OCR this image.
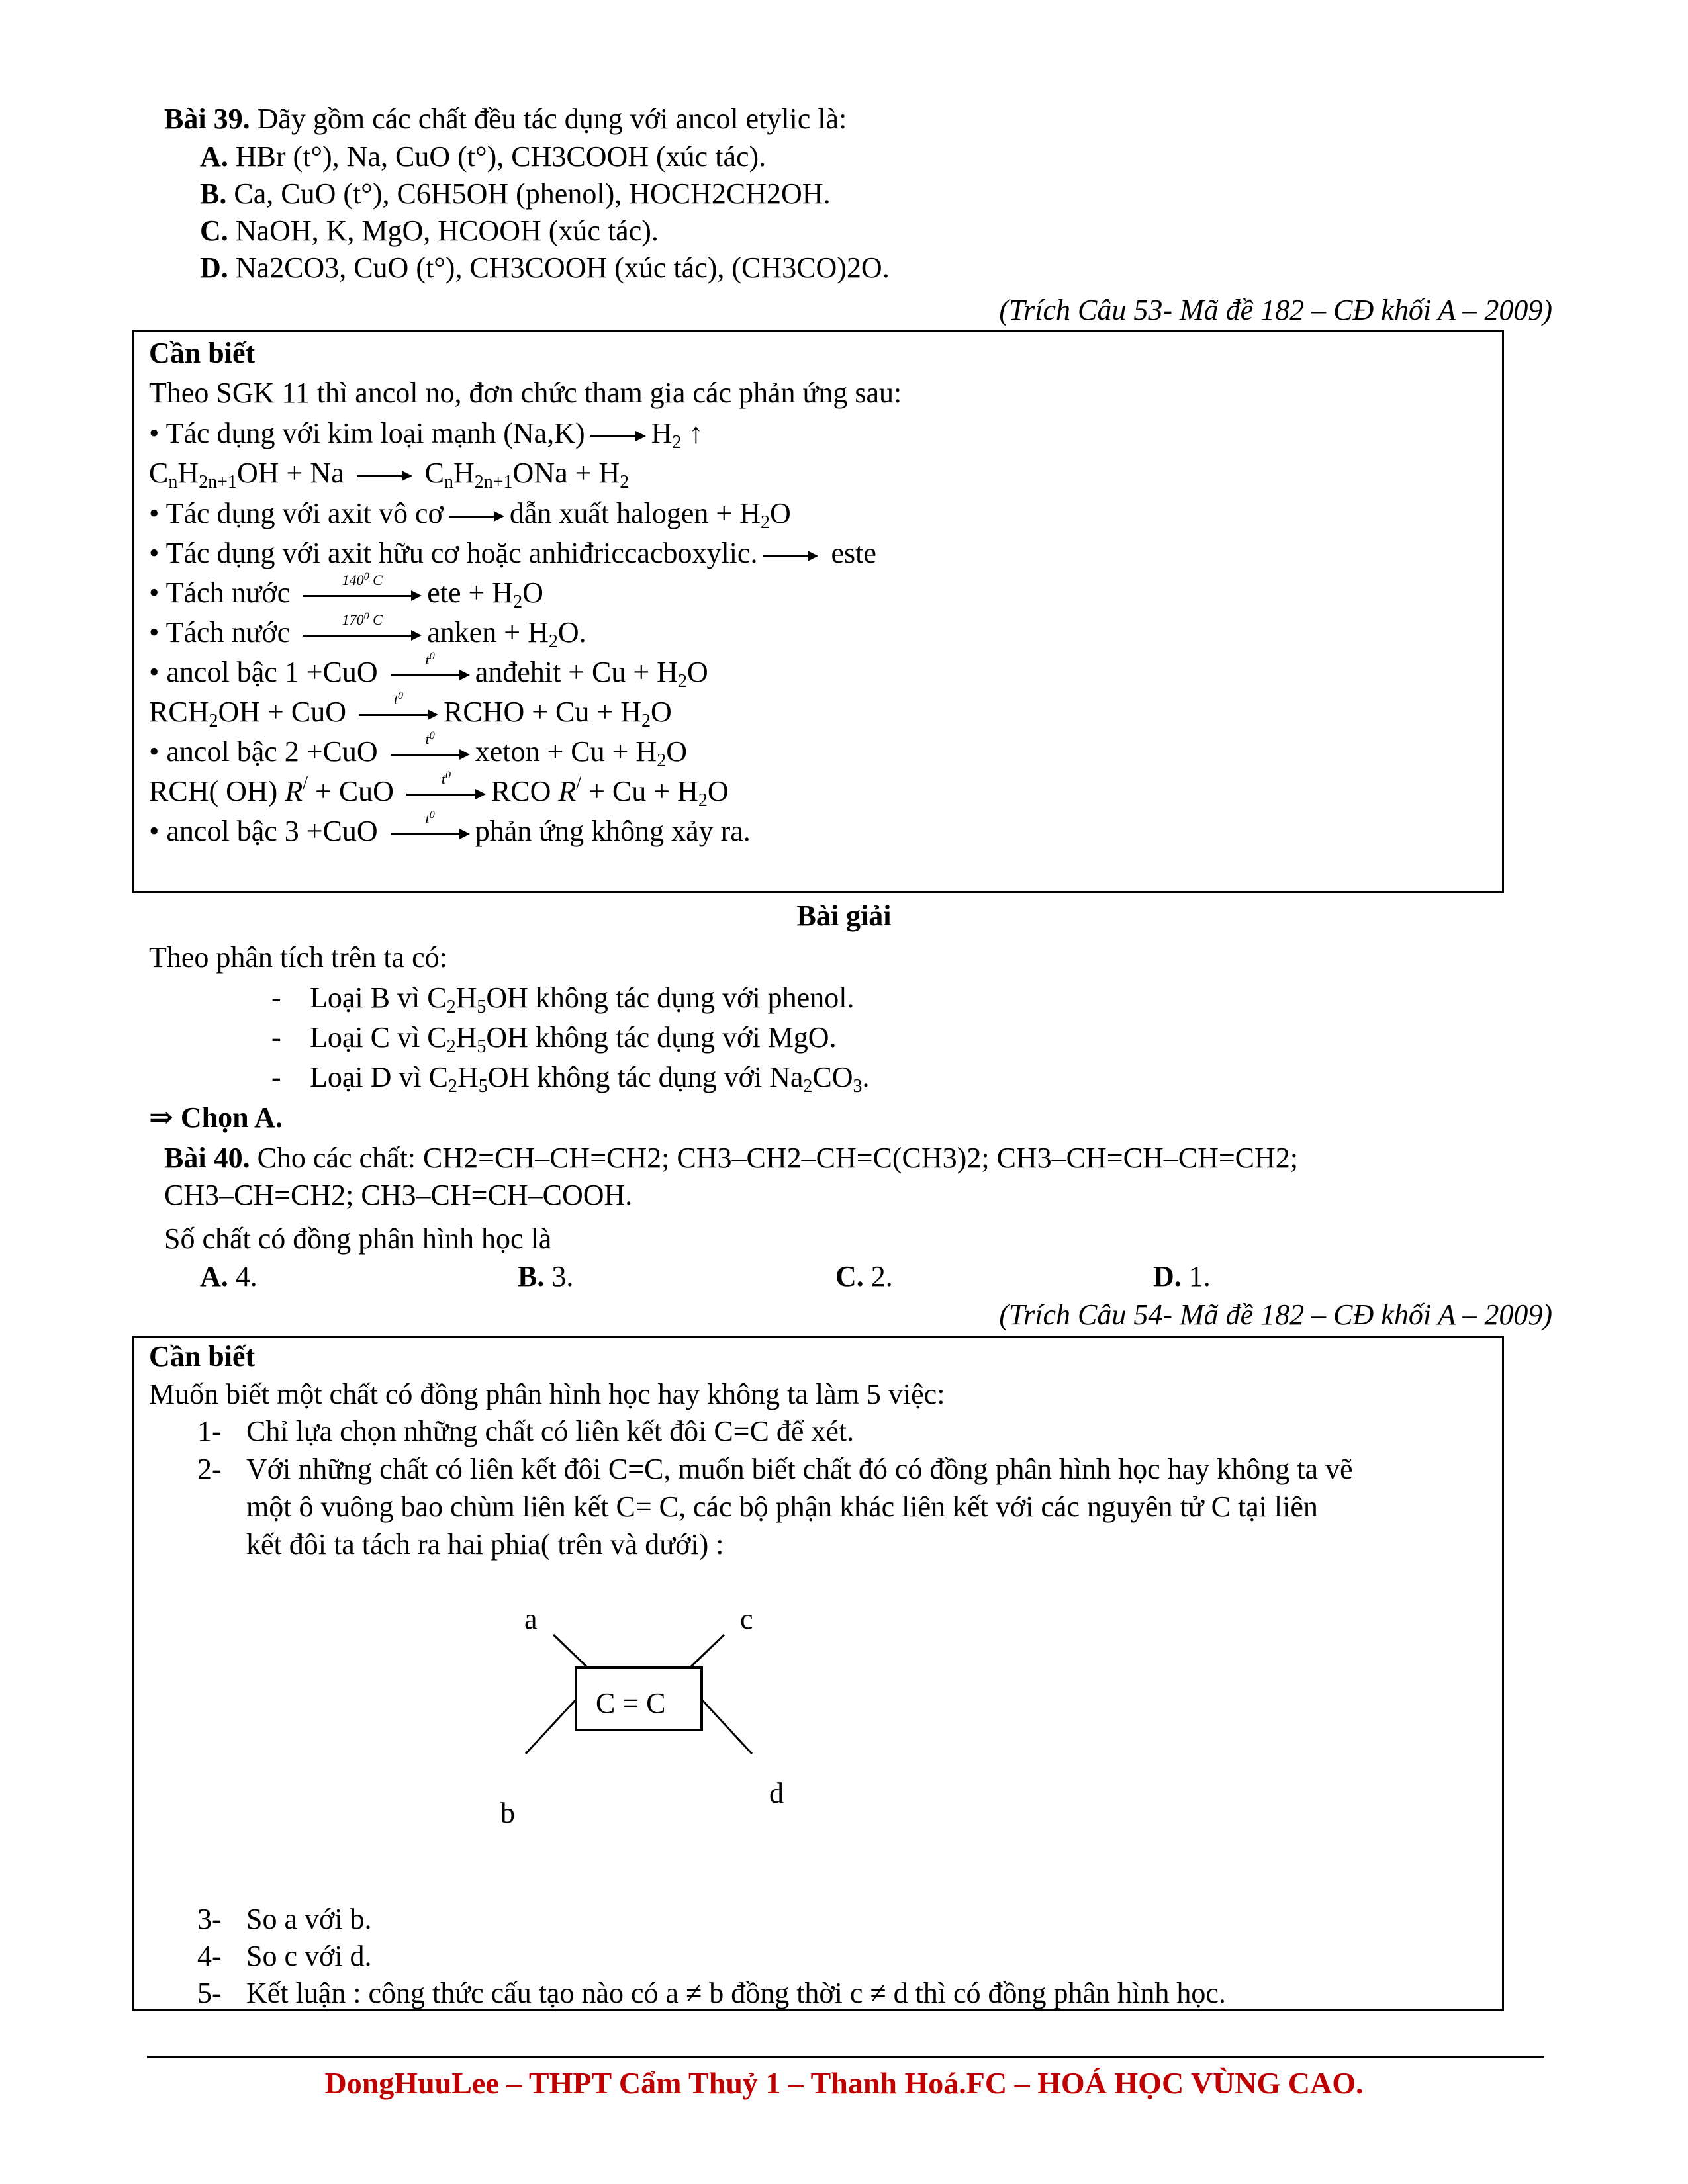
Bài 39. Dãy gồm các chất đều tác dụng với ancol etylic là:
A. HBr (t°), Na, CuO (t°), CH3COOH (xúc tác).
B. Ca, CuO (t°), C6H5OH (phenol), HOCH2CH2OH.
C. NaOH, K, MgO, HCOOH (xúc tác).
D. Na2CO3, CuO (t°), CH3COOH (xúc tác), (CH3CO)2O.
(Trích Câu 53- Mã đề 182 – CĐ khối A – 2009)
Cần biết
Theo SGK 11 thì ancol no, đơn chức tham gia các phản ứng sau:
• Tác dụng với kim loại mạnh (Na,K) $H_2$ ↑
$C_nH_{2n+1}OH + Na$  $C_nH_{2n+1}ONa + H_2$
• Tác dụng với axit vô cơ dẫn xuất halogen + $H_2O$
• Tác dụng với axit hữu cơ hoặc anhiđriccacboxylic. este
• Tách nước	$140^0$ C	ete + $H_2O$
• Tách nước	$170^0$ C	anken + $H_2O$.
• ancol bậc 1 +CuO	$t^0$	anđehit + $Cu + H_2O$
$RCH_2OH$ + CuO	$t^0$	RCHO + $Cu + H_2O$
• ancol bậc 2 +CuO	$t^0$	xeton + $Cu + H_2O$
RCH( OH) R/ + CuO	$t^0$	RCO $R^/ + Cu + H_2O$
• ancol bậc 3 +CuO	$t^0$	phản ứng không xảy ra.
Bài giải
Theo phân tích trên ta có:
- Loại B vì $C_2H_5OH$ không tác dụng với phenol.
- Loại C vì $C_2H_5OH$ không tác dụng với MgO.
- Loại D vì $C_2H_5OH$ không tác dụng với $Na_2CO_3$.
⇒ Chọn A.
Bài 40. Cho các chất: CH2=CH–CH=CH2; CH3–CH2–CH=C(CH3)2; CH3–CH=CH–CH=CH2;
CH3–CH=CH2; CH3–CH=CH–COOH.
Số chất có đồng phân hình học là
A. 4.	B. 3.	C. 2.	D. 1.
(Trích Câu 54- Mã đề 182 – CĐ khối A – 2009)
Cần biết
Muốn biết một chất có đồng phân hình học hay không ta làm 5 việc:
1- Chỉ lựa chọn những chất có liên kết đôi C=C để xét.
2- Với những chất có liên kết đôi C=C, muốn biết chất đó có đồng phân hình học hay không ta vẽ
một ô vuông bao chùm liên kết C= C, các bộ phận khác liên kết với các nguyên tử C tại liên
kết đôi ta tách ra hai phia( trên và dưới) :
a	c
C = C
b
d
3- So a với b.
4- So c với d.
5- Kết luận : công thức cấu tạo nào có a ≠ b đồng thời c ≠ d thì có đồng phân hình học.
DongHuuLee – THPT Cẩm Thuỷ 1 – Thanh Hoá.FC – HOÁ HỌC VÙNG CAO.
